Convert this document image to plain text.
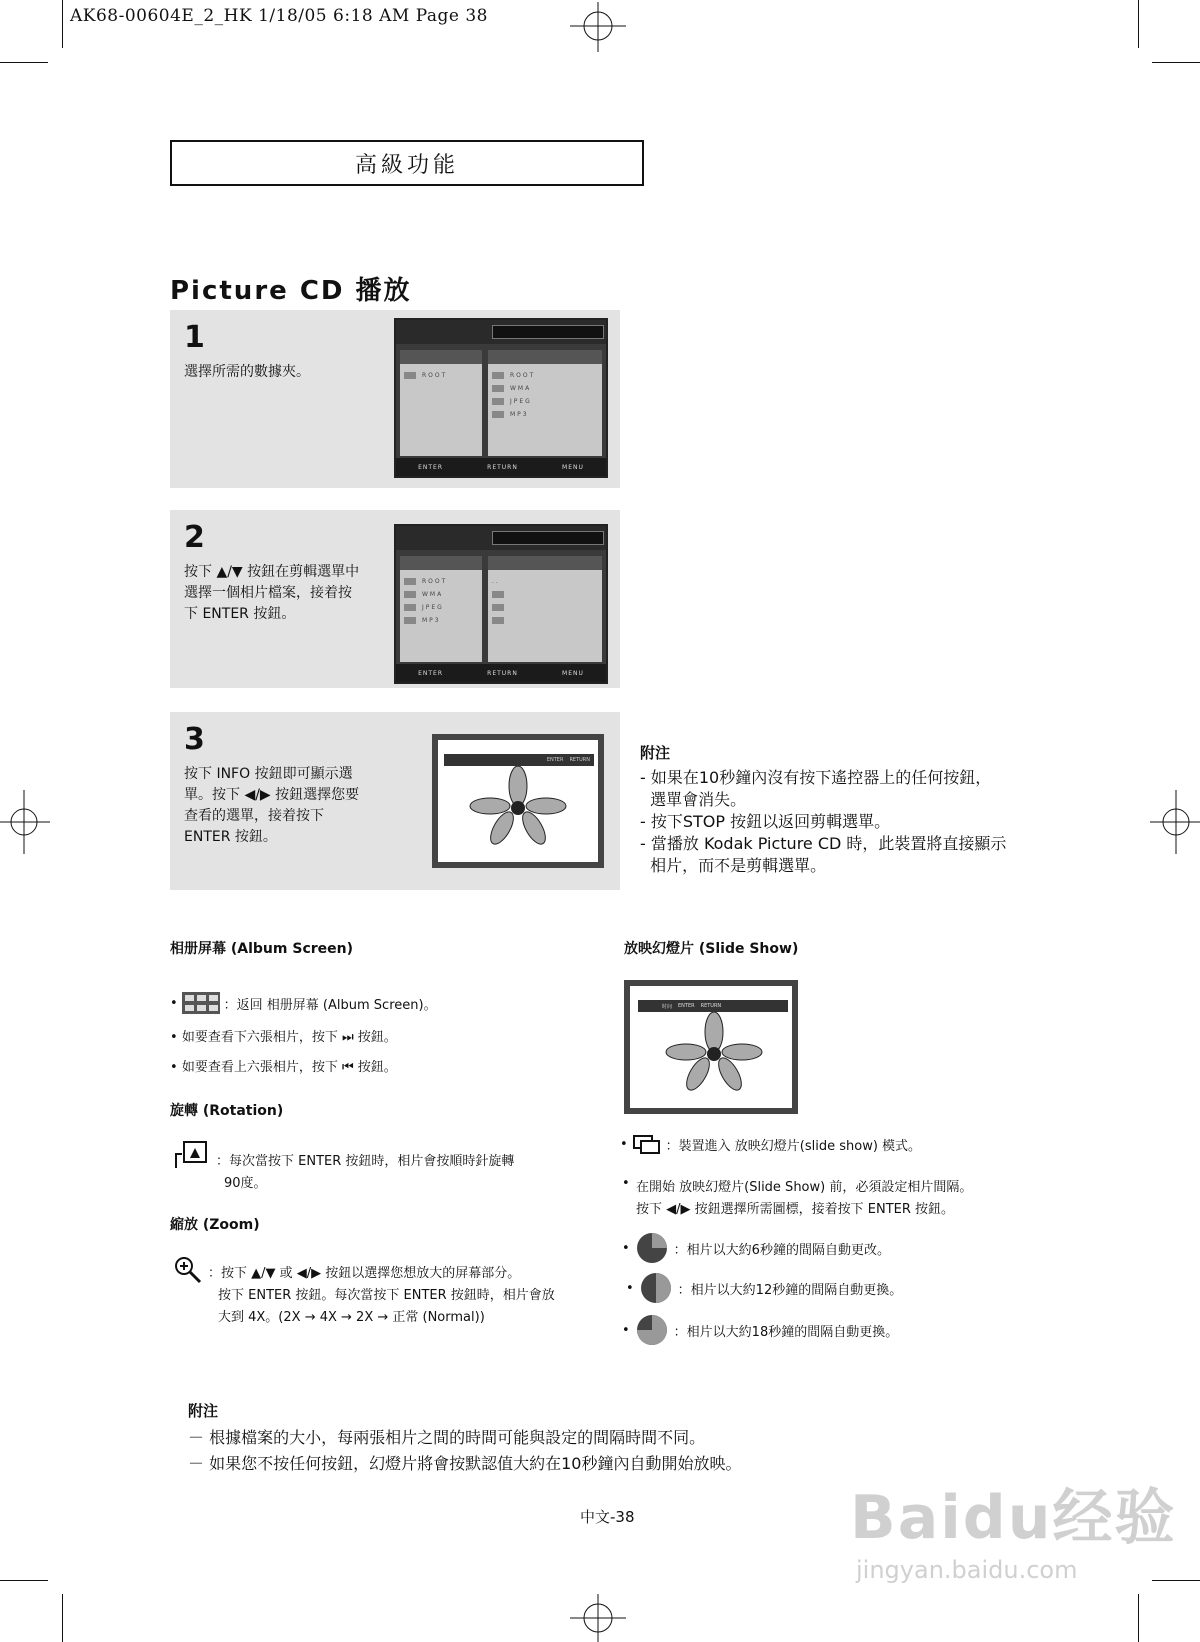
AK68-00604E_2_HK 1/18/05 6:18 AM Page 38
高級功能
Picture CD 播放
1
選擇所需的數據夾。	ROOT	ROOT
WMA
JPEG
MP3
ENTER	RETURN	MENU
2
按下 ▲/▼ 按鈕在剪輯選單中選擇一個相片檔案，接着按下 ENTER 按鈕。
ROOT
WMA
JPEG
MP3
..
ENTER	RETURN	MENU
3
按下 INFO 按鈕即可顯示選單。按下 ◀/▶ 按鈕選擇您要查看的選單，接着按下 ENTER 按鈕。
ENTER RETURN	附注
- 如果在10秒鐘內沒有按下遙控器上的任何按鈕，
選單會消失。
- 按下STOP 按鈕以返回剪輯選單。
- 當播放 Kodak Picture CD 時，此裝置將直接顯示
相片，而不是剪輯選單。
相册屏幕 (Album Screen)
•	：返回 相册屏幕 (Album Screen)。
• 如要查看下六張相片，按下 ⏭ 按鈕。
• 如要查看上六張相片，按下 ⏮ 按鈕。
旋轉 (Rotation)
：每次當按下 ENTER 按鈕時，相片會按順時針旋轉
90度。
縮放 (Zoom)
：按下 ▲/▼ 或 ◀/▶ 按鈕以選擇您想放大的屏幕部分。
按下 ENTER 按鈕。每次當按下 ENTER 按鈕時，相片會放
大到 4X。(2X → 4X → 2X → 正常 (Normal))
放映幻燈片 (Slide Show)
时间 ENTER RETURN
•	：裝置進入 放映幻燈片(slide show) 模式。
• 在開始 放映幻燈片(Slide Show) 前，必須設定相片間隔。
按下 ◀/▶ 按鈕選擇所需圖標，接着按下 ENTER 按鈕。
•	：相片以大約6秒鐘的間隔自動更改。
•	：相片以大約12秒鐘的間隔自動更換。
•	：相片以大約18秒鐘的間隔自動更換。
附注
－ 根據檔案的大小，每兩張相片之間的時間可能與設定的間隔時間不同。
－ 如果您不按任何按鈕，幻燈片將會按默認值大約在10秒鐘內自動開始放映。
中文-38	Baidu经验
jingyan.baidu.com
